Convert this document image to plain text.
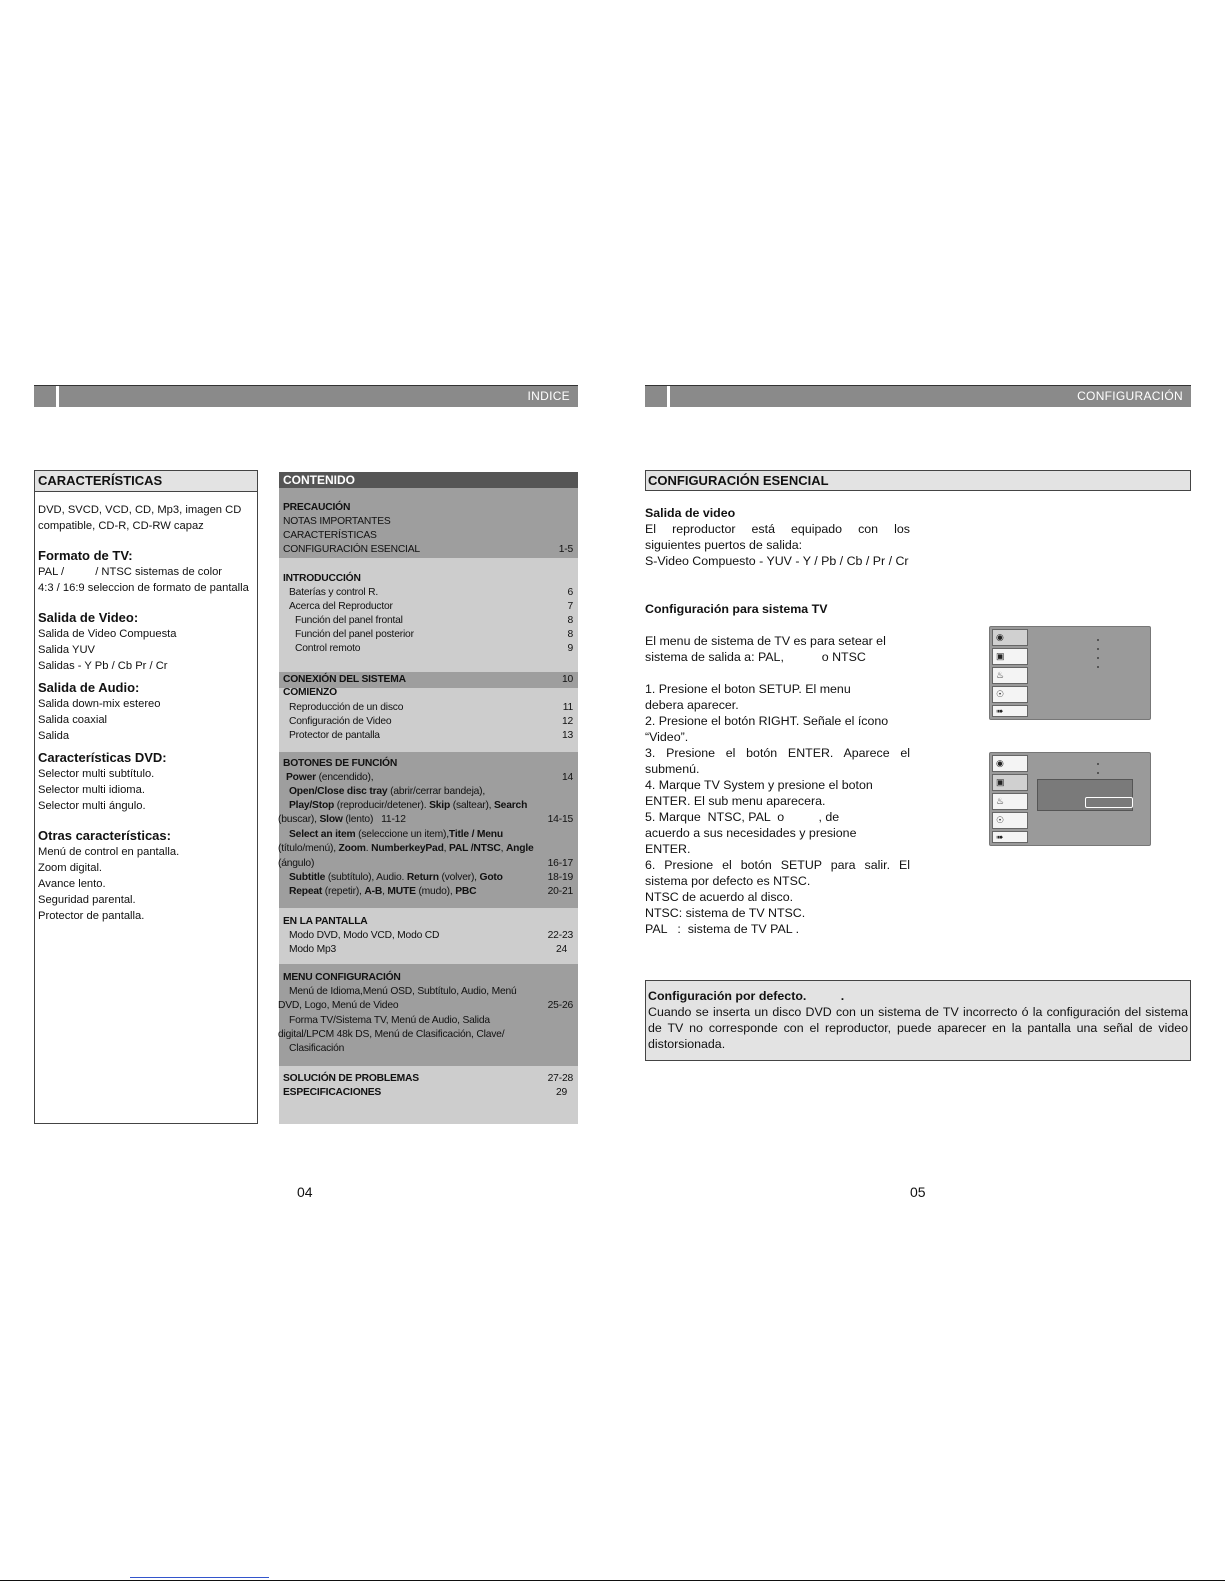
INDICE
CARACTERÍSTICAS
DVD, SVCD, VCD, CD, Mp3, imagen CD
compatible, CD-R, CD-RW capaz
Formato de TV:
PAL /          / NTSC sistemas de color
4:3 / 16:9 seleccion de formato de pantalla
Salida de Video:
Salida de Video Compuesta
Salida YUV
Salidas - Y Pb / Cb Pr / Cr
Salida de Audio:
Salida down-mix estereo
Salida coaxial
Salida
Características DVD:
Selector multi subtítulo.
Selector multi idioma.
Selector multi ángulo.
Otras características:
Menú de control en pantalla.
Zoom digital.
Avance lento.
Seguridad parental.
Protector de pantalla.
CONTENIDO
PRECAUCIÓN
NOTAS IMPORTANTES
CARACTERÍSTICAS
CONFIGURACIÓN ESENCIAL	1-5
INTRODUCCIÓN
Baterías y control R.	6
Acerca del Reproductor	7
Función del panel frontal	8
Función del panel posterior	8
Control remoto	9
CONEXIÓN DEL SISTEMA	10
COMIENZO
Reproducción de un disco	11
Configuración de Video	12
Protector de pantalla	13
BOTONES DE FUNCIÓN
Power (encendido),	14
Open/Close disc tray (abrir/cerrar bandeja),
Play/Stop (reproducir/detener). Skip (saltear), Search
(buscar), Slow (lento)   11-12	14-15
Select an item (seleccione un item),Title / Menu
(título/menú), Zoom. NumberkeyPad, PAL /NTSC, Angle
(ángulo)	16-17
Subtitle (subtítulo), Audio. Return (volver), Goto	18-19
Repeat (repetir), A-B, MUTE (mudo), PBC	20-21
EN LA PANTALLA
Modo DVD, Modo VCD, Modo CD	22-23
Modo Mp3	24
MENU CONFIGURACIÓN
Menú de Idioma,Menú OSD, Subtítulo, Audio, Menú
DVD, Logo, Menú de Video	25-26
Forma TV/Sistema TV, Menú de Audio, Salida
digital/LPCM 48k DS, Menú de Clasificación, Clave/
Clasificación
SOLUCIÓN DE PROBLEMAS	27-28
ESPECIFICACIONES	29
04
CONFIGURACIÓN
CONFIGURACIÓN ESENCIAL
Salida de video
El reproductor está equipado con los
siguientes puertos de salida:
S-Video Compuesto - YUV - Y / Pb / Cb / Pr / Cr
Configuración para sistema TV
El menu de sistema de TV es para setear el
sistema de salida a: PAL,           o NTSC
1. Presione el boton SETUP. El menu
debera aparecer.
2. Presione el botón RIGHT. Señale el ícono
“Video”.
3. Presione el botón ENTER. Aparece el
submenú.
4. Marque TV System y presione el boton
ENTER. El sub menu aparecera.
5. Marque  NTSC, PAL  o          , de
acuerdo a sus necesidades y presione
ENTER.
6. Presione el botón SETUP para salir. El
sistema por defecto es NTSC.
NTSC de acuerdo al disco.
NTSC: sistema de TV NTSC.
PAL   :  sistema de TV PAL .
◉
▣
♨
☉
➠
◉
▣
♨
☉
➠
Configuración por defecto.          .
Cuando se inserta un disco DVD con un sistema de TV incorrecto ó la configuración del sistema de TV no corresponde con el reproductor, puede aparecer en la pantalla una señal de video distorsionada.
05
